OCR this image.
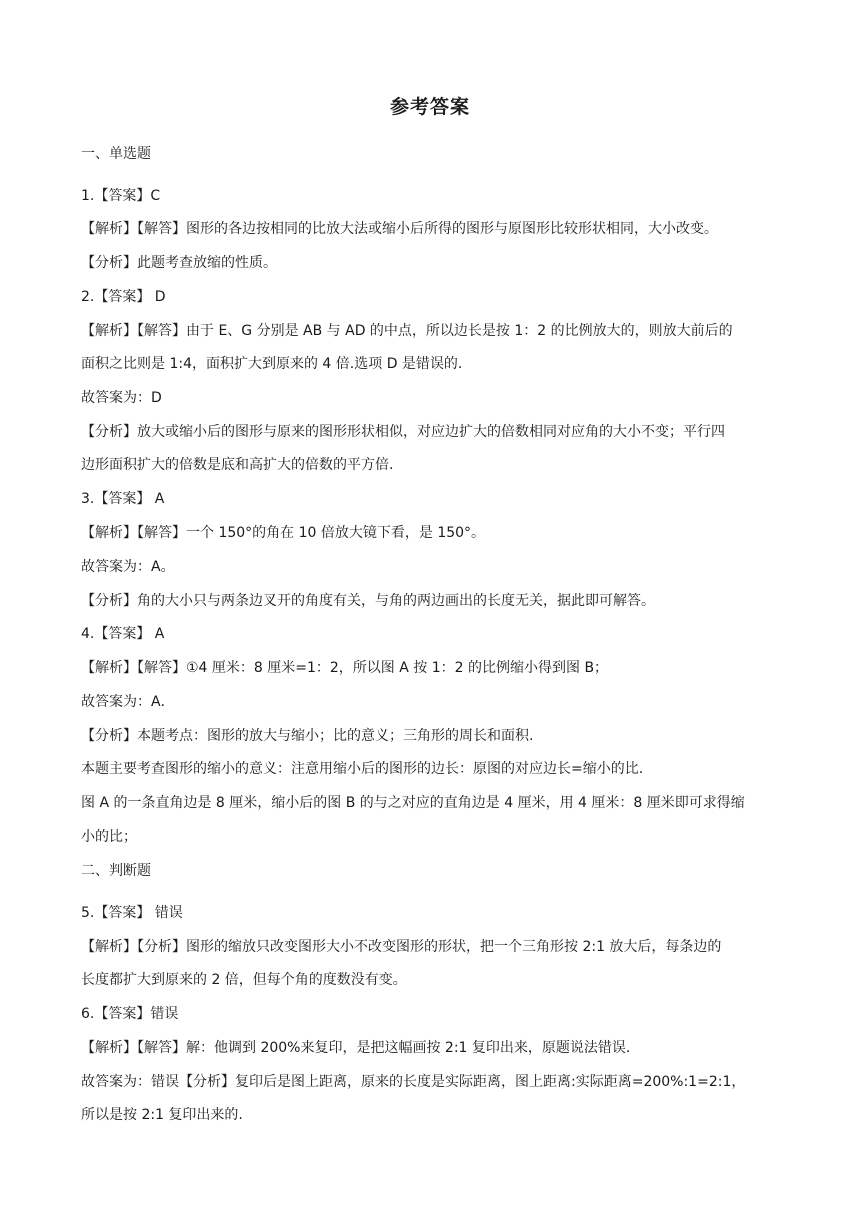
参考答案
一、单选题
1.【答案】C
【解析】【解答】图形的各边按相同的比放大法或缩小后所得的图形与原图形比较形状相同，大小改变。
【分析】此题考查放缩的性质。
2.【答案】 D
【解析】【解答】由于 E、G 分别是 AB 与 AD 的中点，所以边长是按 1：2 的比例放大的，则放大前后的
面积之比则是 1:4，面积扩大到原来的 4 倍.选项 D 是错误的.
故答案为：D
【分析】放大或缩小后的图形与原来的图形形状相似，对应边扩大的倍数相同对应角的大小不变；平行四
边形面积扩大的倍数是底和高扩大的倍数的平方倍.
3.【答案】 A
【解析】【解答】一个 150°的角在 10 倍放大镜下看，是 150°。
故答案为：A。
【分析】角的大小只与两条边叉开的角度有关，与角的两边画出的长度无关，据此即可解答。
4.【答案】 A
【解析】【解答】①4 厘米：8 厘米=1：2，所以图 A 按 1：2 的比例缩小得到图 B；
故答案为：A．
【分析】本题考点：图形的放大与缩小；比的意义；三角形的周长和面积.
本题主要考查图形的缩小的意义：注意用缩小后的图形的边长：原图的对应边长=缩小的比.
图 A 的一条直角边是 8 厘米，缩小后的图 B 的与之对应的直角边是 4 厘米，用 4 厘米：8 厘米即可求得缩
小的比；
二、判断题
5.【答案】 错误
【解析】【分析】图形的缩放只改变图形大小不改变图形的形状，把一个三角形按 2:1 放大后，每条边的
长度都扩大到原来的 2 倍，但每个角的度数没有变。
6.【答案】错误
【解析】【解答】解：他调到 200%来复印，是把这幅画按 2:1 复印出来，原题说法错误.
故答案为：错误【分析】复印后是图上距离，原来的长度是实际距离，图上距离:实际距离=200%:1=2:1，
所以是按 2:1 复印出来的.
